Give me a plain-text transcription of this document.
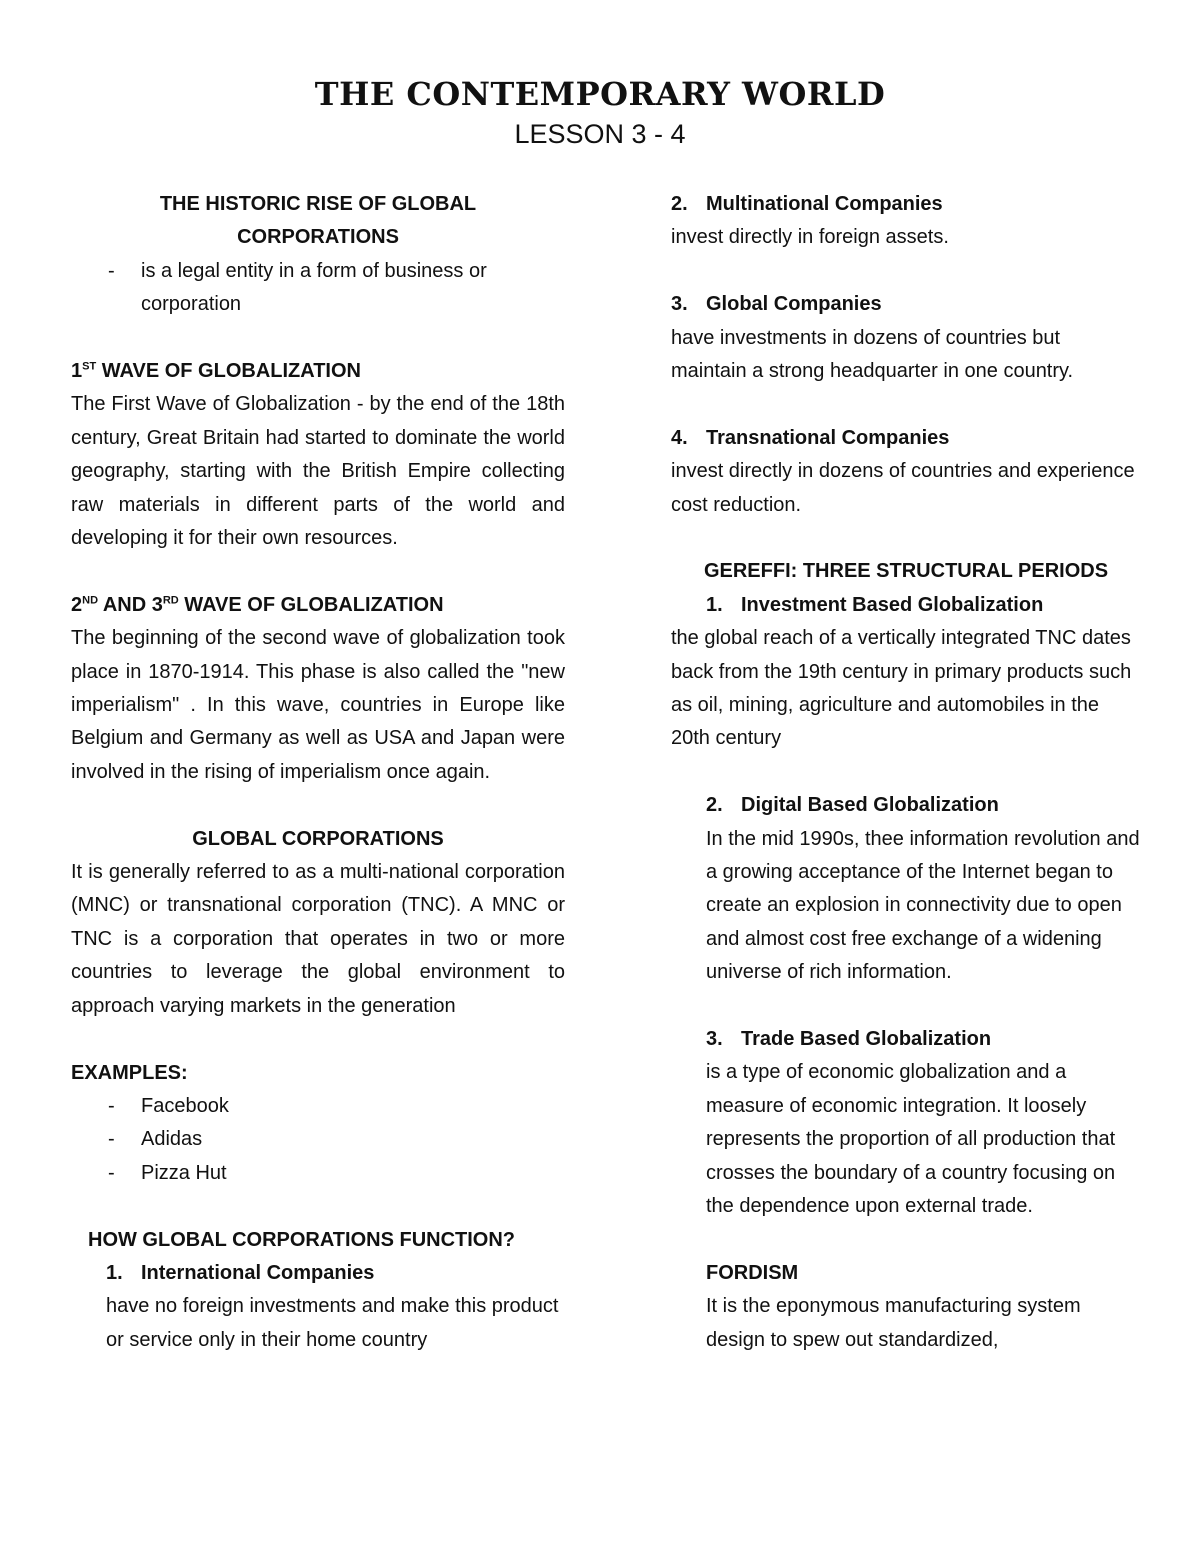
THE CONTEMPORARY WORLD
LESSON 3 - 4
THE HISTORIC RISE OF GLOBAL
CORPORATIONS
- is a legal entity in a form of business or corporation
1ST WAVE OF GLOBALIZATION

The First Wave of Globalization - by the end of the 18th century, Great Britain had started to dominate the world geography, starting with the British Empire collecting raw materials in different parts of the world and developing it for their own resources.

2ND AND 3RD WAVE OF GLOBALIZATION

The beginning of the second wave of globalization took place in 1870-1914. This phase is also called the "new imperialism" . In this wave, countries in Europe like Belgium and Germany as well as USA and Japan were involved in the rising of imperialism once again.

GLOBAL CORPORATIONS

It is generally referred to as a multi-national corporation (MNC) or transnational corporation (TNC). A MNC or TNC is a corporation that operates in two or more countries to leverage the global environment to approach varying markets in the generation

EXAMPLES:
- Facebook
- Adidas
- Pizza Hut
HOW GLOBAL CORPORATIONS FUNCTION?
1. International Companies

have no foreign investments and make this product or service only in their home country

2. Multinational Companies

invest directly in foreign assets.

3. Global Companies

have investments in dozens of countries but maintain a strong headquarter in one country.

4. Transnational Companies

invest directly in dozens of countries and experience cost reduction.

GEREFFI: THREE STRUCTURAL PERIODS
1. Investment Based Globalization

the global reach of a vertically integrated TNC dates back from the 19th century in primary products such as oil, mining, agriculture and automobiles in the 20th century

2. Digital Based Globalization

In the mid 1990s, thee information revolution and a growing acceptance of the Internet began to create an explosion in connectivity due to open and almost cost free exchange of a widening universe of rich information.

3. Trade Based Globalization

is a type of economic globalization and a measure of economic integration. It loosely represents the proportion of all production that crosses the boundary of a country focusing on the dependence upon external trade.

FORDISM

It is the eponymous manufacturing system design to spew out standardized,
